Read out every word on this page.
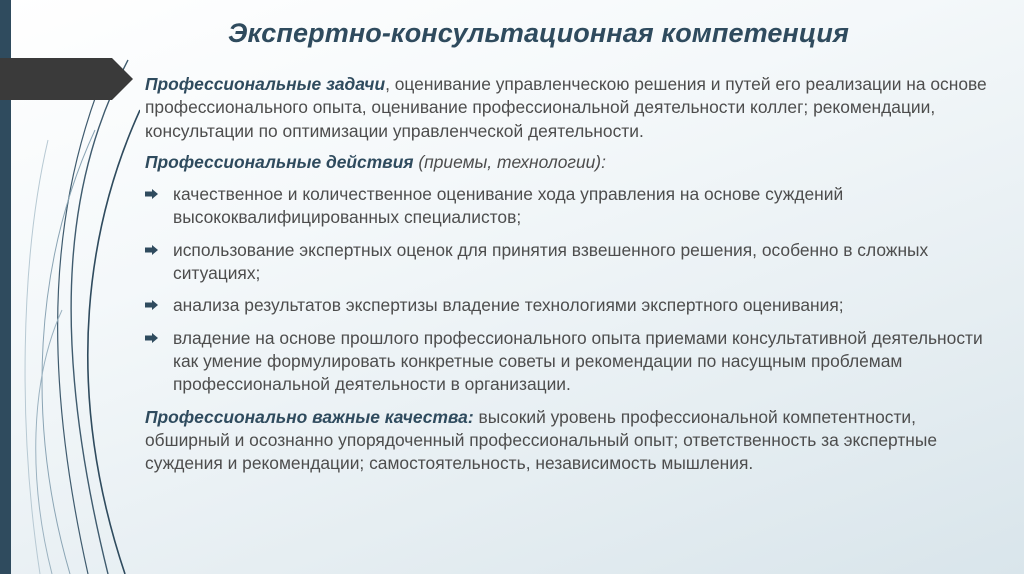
Экспертно-консультационная компетенция

Профессиональные задачи, оценивание управленческою решения и путей его реализации на основе профессионального опыта, оценивание профессиональной деятельности коллег; рекомендации, консультации по оптимизации управленческой деятельности.

Профессиональные действия (приемы, технологии):

качественное и количественное оценивание хода управления на основе суждений высококвалифицированных специалистов;
использование экспертных оценок для принятия взвешенного решения, особенно в сложных ситуациях;
анализа результатов экспертизы владение технологиями экспертного оценивания;
владение на основе прошлого профессионального опыта приемами консультативной деятельности как умение формулировать конкретные советы и рекомендации по насущным проблемам профессиональной деятельности в организации.

Профессионально важные качества: высокий уровень профессиональной компетентности, обширный и осознанно упорядоченный профессиональный опыт; ответственность за экспертные суждения и рекомендации; самостоятельность, независимость мышления.
